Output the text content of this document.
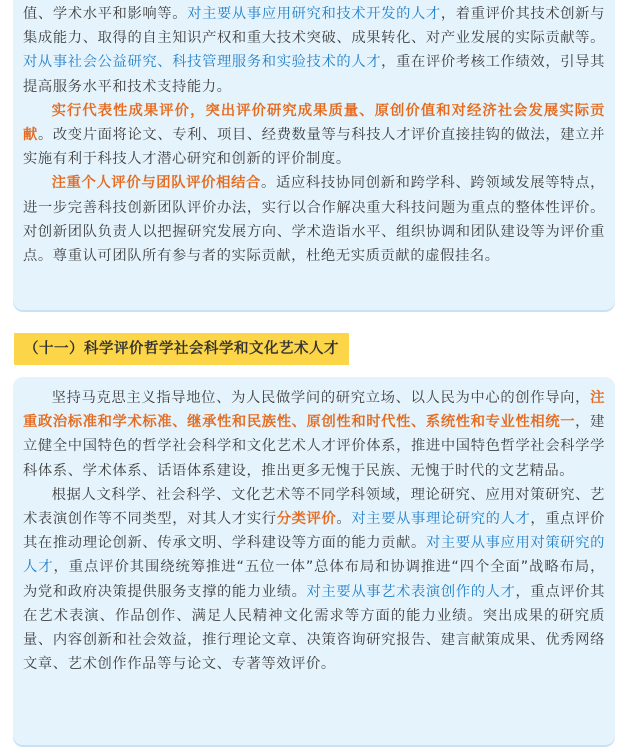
值、学术水平和影响等。对主要从事应用研究和技术开发的人才，着重评价其技术创新与集成能力、取得的自主知识产权和重大技术突破、成果转化、对产业发展的实际贡献等。对从事社会公益研究、科技管理服务和实验技术的人才，重在评价考核工作绩效，引导其提高服务水平和技术支持能力。

实行代表性成果评价，突出评价研究成果质量、原创价值和对经济社会发展实际贡献。改变片面将论文、专利、项目、经费数量等与科技人才评价直接挂钩的做法，建立并实施有利于科技人才潜心研究和创新的评价制度。

注重个人评价与团队评价相结合。适应科技协同创新和跨学科、跨领域发展等特点，进一步完善科技创新团队评价办法，实行以合作解决重大科技问题为重点的整体性评价。对创新团队负责人以把握研究发展方向、学术造诣水平、组织协调和团队建设等为评价重点。尊重认可团队所有参与者的实际贡献，杜绝无实质贡献的虚假挂名。

（十一）科学评价哲学社会科学和文化艺术人才

坚持马克思主义指导地位、为人民做学问的研究立场、以人民为中心的创作导向，注重政治标准和学术标准、继承性和民族性、原创性和时代性、系统性和专业性相统一，建立健全中国特色的哲学社会科学和文化艺术人才评价体系，推进中国特色哲学社会科学学科体系、学术体系、话语体系建设，推出更多无愧于民族、无愧于时代的文艺精品。

根据人文科学、社会科学、文化艺术等不同学科领域，理论研究、应用对策研究、艺术表演创作等不同类型，对其人才实行分类评价。对主要从事理论研究的人才，重点评价其在推动理论创新、传承文明、学科建设等方面的能力贡献。对主要从事应用对策研究的人才，重点评价其围绕统筹推进“五位一体”总体布局和协调推进“四个全面”战略布局，为党和政府决策提供服务支撑的能力业绩。对主要从事艺术表演创作的人才，重点评价其在艺术表演、作品创作、满足人民精神文化需求等方面的能力业绩。突出成果的研究质量、内容创新和社会效益，推行理论文章、决策咨询研究报告、建言献策成果、优秀网络文章、艺术创作作品等与论文、专著等效评价。
